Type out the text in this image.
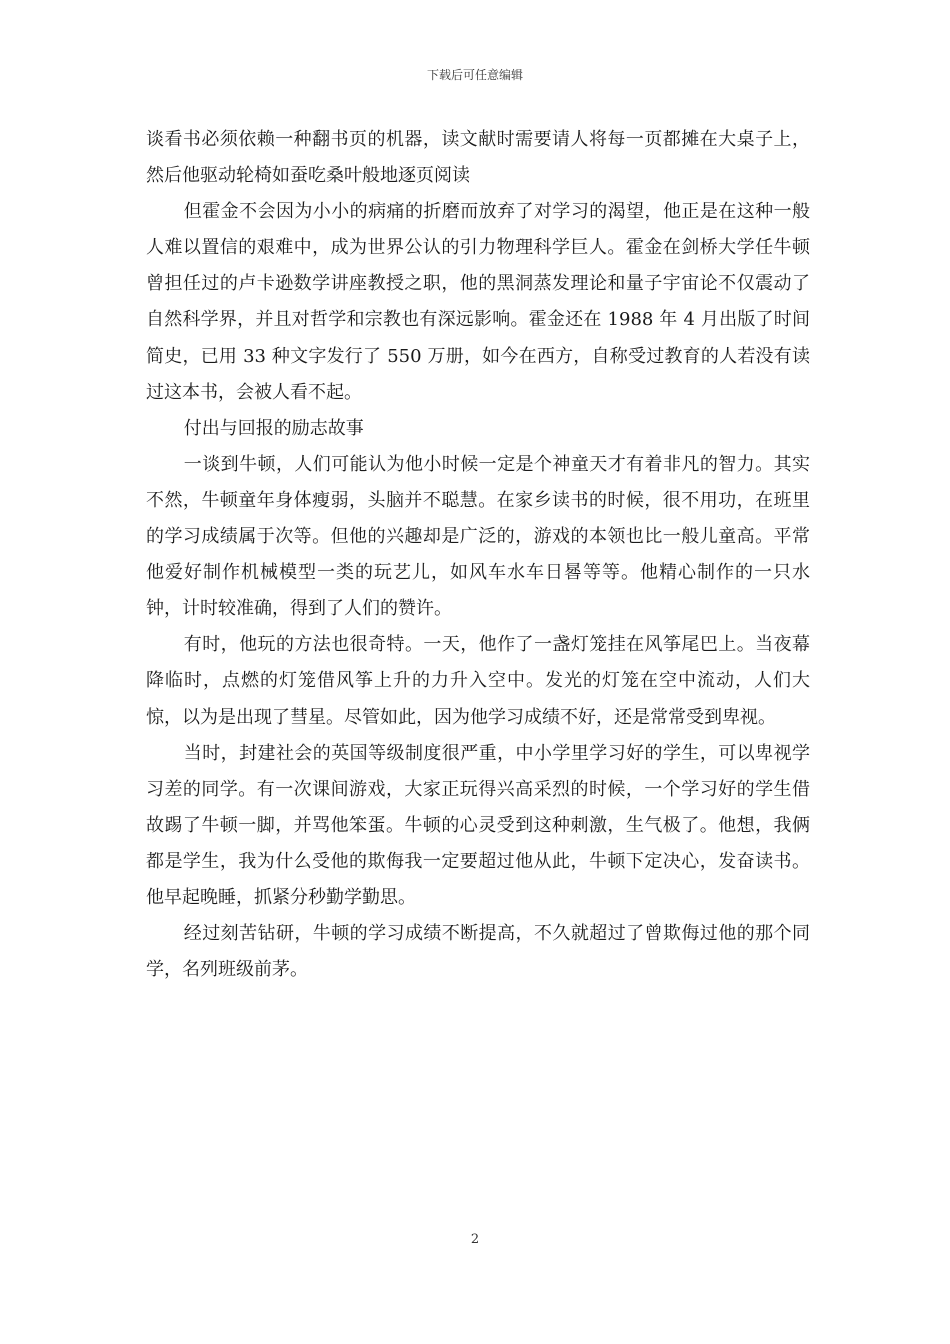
下载后可任意编辑

谈看书必须依赖一种翻书页的机器，读文献时需要请人将每一页都摊在大桌子上，然后他驱动轮椅如蚕吃桑叶般地逐页阅读

但霍金不会因为小小的病痛的折磨而放弃了对学习的渴望，他正是在这种一般人难以置信的艰难中，成为世界公认的引力物理科学巨人。霍金在剑桥大学任牛顿曾担任过的卢卡逊数学讲座教授之职，他的黑洞蒸发理论和量子宇宙论不仅震动了自然科学界，并且对哲学和宗教也有深远影响。霍金还在 1988 年 4 月出版了时间简史，已用 33 种文字发行了 550 万册，如今在西方，自称受过教育的人若没有读过这本书，会被人看不起。

付出与回报的励志故事

一谈到牛顿，人们可能认为他小时候一定是个神童天才有着非凡的智力。其实不然，牛顿童年身体瘦弱，头脑并不聪慧。在家乡读书的时候，很不用功，在班里的学习成绩属于次等。但他的兴趣却是广泛的，游戏的本领也比一般儿童高。平常他爱好制作机械模型一类的玩艺儿，如风车水车日晷等等。他精心制作的一只水钟，计时较准确，得到了人们的赞许。

有时，他玩的方法也很奇特。一天，他作了一盏灯笼挂在风筝尾巴上。当夜幕降临时，点燃的灯笼借风筝上升的力升入空中。发光的灯笼在空中流动，人们大惊，以为是出现了彗星。尽管如此，因为他学习成绩不好，还是常常受到卑视。

当时，封建社会的英国等级制度很严重，中小学里学习好的学生，可以卑视学习差的同学。有一次课间游戏，大家正玩得兴高采烈的时候，一个学习好的学生借故踢了牛顿一脚，并骂他笨蛋。牛顿的心灵受到这种刺激，生气极了。他想，我俩都是学生，我为什么受他的欺侮我一定要超过他从此，牛顿下定决心，发奋读书。他早起晚睡，抓紧分秒勤学勤思。

经过刻苦钻研，牛顿的学习成绩不断提高，不久就超过了曾欺侮过他的那个同学，名列班级前茅。

2
